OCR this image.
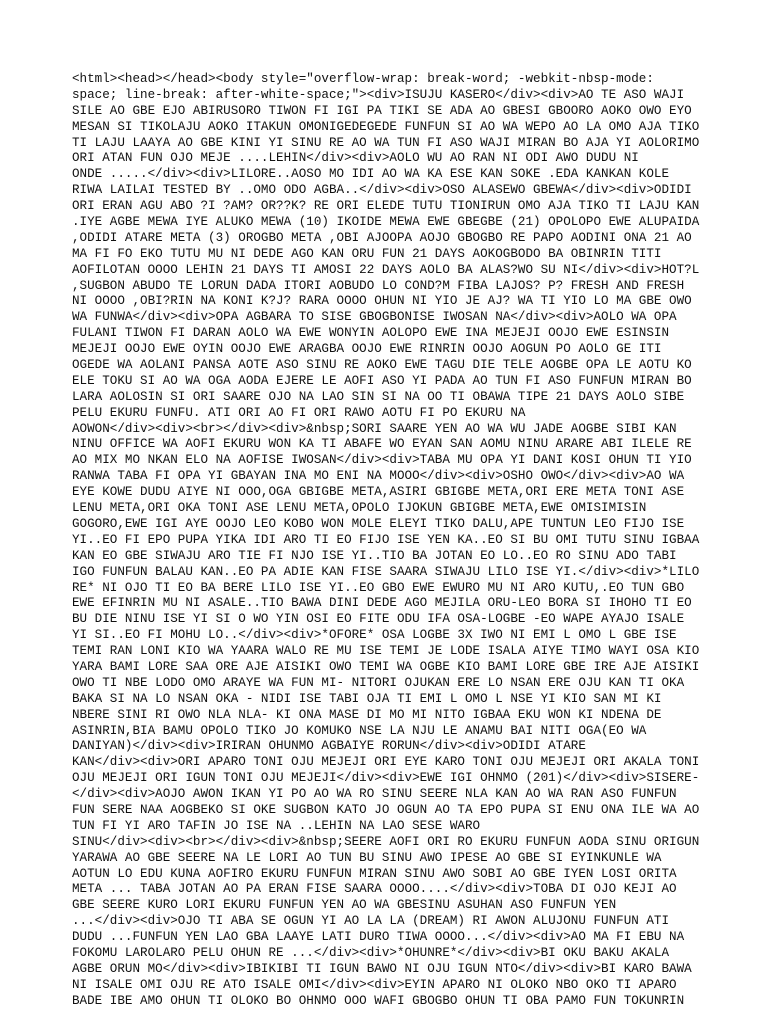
<html><head></head><body style="overflow-wrap: break-word; -webkit-nbsp-mode:
space; line-break: after-white-space;"><div>ISUJU KASERO</div><div>AO TE ASO WAJI
SILE AO GBE EJO ABIRUSORO TIWON FI IGI PA TIKI SE ADA AO GBESI GBOORO AOKO OWO EYO
MESAN SI TIKOLAJU AOKO ITAKUN OMONIGEDEGEDE FUNFUN SI AO WA WEPO AO LA OMO AJA TIKO
TI LAJU LAAYA AO GBE KINI YI SINU RE AO WA TUN FI ASO WAJI MIRAN BO AJA YI AOLORIMO
ORI ATAN FUN OJO MEJE ....LEHIN</div><div>AOLO WU AO RAN NI ODI AWO DUDU NI
ONDE .....</div><div>LILORE..AOSO MO IDI AO WA KA ESE KAN SOKE .EDA KANKAN KOLE
RIWA LAILAI TESTED BY ..OMO ODO AGBA..</div><div>OSO ALASEWO GBEWA</div><div>ODIDI
ORI ERAN AGU ABO ?I ?AM? OR??K? RE ORI ELEDE TUTU TIONIRUN OMO AJA TIKO TI LAJU KAN
.IYE AGBE MEWA IYE ALUKO MEWA (10) IKOIDE MEWA EWE GBEGBE (21) OPOLOPO EWE ALUPAIDA
,ODIDI ATARE META (3) OROGBO META ,OBI AJOOPA AOJO GBOGBO RE PAPO AODINI ONA 21 AO
MA FI FO EKO TUTU MU NI DEDE AGO KAN ORU FUN 21 DAYS AOKOGBODO BA OBINRIN TITI
AOFILOTAN OOOO LEHIN 21 DAYS TI AMOSI 22 DAYS AOLO BA ALAS?WO SU NI</div><div>HOT?L
,SUGBON ABUDO TE LORUN DADA ITORI AOBUDO LO COND?M FIBA LAJOS? P? FRESH AND FRESH
NI OOOO ,OBI?RIN NA KONI K?J? RARA OOOO OHUN NI YIO JE AJ? WA TI YIO LO MA GBE OWO
WA FUNWA</div><div>OPA AGBARA TO SISE GBOGBONISE IWOSAN NA</div><div>AOLO WA OPA
FULANI TIWON FI DARAN AOLO WA EWE WONYIN AOLOPO EWE INA MEJEJI OOJO EWE ESINSIN
MEJEJI OOJO EWE OYIN OOJO EWE ARAGBA OOJO EWE RINRIN OOJO AOGUN PO AOLO GE ITI
OGEDE WA AOLANI PANSA AOTE ASO SINU RE AOKO EWE TAGU DIE TELE AOGBE OPA LE AOTU KO
ELE TOKU SI AO WA OGA AODA EJERE LE AOFI ASO YI PADA AO TUN FI ASO FUNFUN MIRAN BO
LARA AOLOSIN SI ORI SAARE OJO NA LAO SIN SI NA OO TI OBAWA TIPE 21 DAYS AOLO SIBE
PELU EKURU FUNFU. ATI ORI AO FI ORI RAWO AOTU FI PO EKURU NA
AOWON</div><div><br></div><div>&nbsp;SORI SAARE YEN AO WA WU JADE AOGBE SIBI KAN
NINU OFFICE WA AOFI EKURU WON KA TI ABAFE WO EYAN SAN AOMU NINU ARARE ABI ILELE RE
AO MIX MO NKAN ELO NA AOFISE IWOSAN</div><div>TABA MU OPA YI DANI KOSI OHUN TI YIO
RANWA TABA FI OPA YI GBAYAN INA MO ENI NA MOOO</div><div>OSHO OWO</div><div>AO WA
EYE KOWE DUDU AIYE NI OOO,OGA GBIGBE META,ASIRI GBIGBE META,ORI ERE META TONI ASE
LENU META,ORI OKA TONI ASE LENU META,OPOLO IJOKUN GBIGBE META,EWE OMISIMISIN
GOGORO,EWE IGI AYE OOJO LEO KOBO WON MOLE ELEYI TIKO DALU,APE TUNTUN LEO FIJO ISE
YI..EO FI EPO PUPA YIKA IDI ARO TI EO FIJO ISE YEN KA..EO SI BU OMI TUTU SINU IGBAA
KAN EO GBE SIWAJU ARO TIE FI NJO ISE YI..TIO BA JOTAN EO LO..EO RO SINU ADO TABI
IGO FUNFUN BALAU KAN..EO PA ADIE KAN FISE SAARA SIWAJU LILO ISE YI.</div><div>*LILO
RE* NI OJO TI EO BA BERE LILO ISE YI..EO GBO EWE EWURO MU NI ARO KUTU,.EO TUN GBO
EWE EFINRIN MU NI ASALE..TIO BAWA DINI DEDE AGO MEJILA ORU-LEO BORA SI IHOHO TI EO
BU DIE NINU ISE YI SI O WO YIN OSI EO FITE ODU IFA OSA-LOGBE -EO WAPE AYAJO ISALE
YI SI..EO FI MOHU LO..</div><div>*OFORE* OSA LOGBE 3X IWO NI EMI L OMO L GBE ISE
TEMI RAN LONI KIO WA YAARA WALO RE MU ISE TEMI JE LODE ISALA AIYE TIMO WAYI OSA KIO
YARA BAMI LORE SAA ORE AJE AISIKI OWO TEMI WA OGBE KIO BAMI LORE GBE IRE AJE AISIKI
OWO TI NBE LODO OMO ARAYE WA FUN MI- NITORI OJUKAN ERE LO NSAN ERE OJU KAN TI OKA
BAKA SI NA LO NSAN OKA - NIDI ISE TABI OJA TI EMI L OMO L NSE YI KIO SAN MI KI
NBERE SINI RI OWO NLA NLA- KI ONA MASE DI MO MI NITO IGBAA EKU WON KI NDENA DE
ASINRIN,BIA BAMU OPOLO TIKO JO KOMUKO NSE LA NJU LE ANAMU BAI NITI OGA(EO WA
DANIYAN)</div><div>IRIRAN OHUNMO AGBAIYE RORUN</div><div>ODIDI ATARE
KAN</div><div>ORI APARO TONI OJU MEJEJI ORI EYE KARO TONI OJU MEJEJI ORI AKALA TONI
OJU MEJEJI ORI IGUN TONI OJU MEJEJI</div><div>EWE IGI OHNMO (201)</div><div>SISERE-
</div><div>AOJO AWON IKAN YI PO AO WA RO SINU SEERE NLA KAN AO WA RAN ASO FUNFUN
FUN SERE NAA AOGBEKO SI OKE SUGBON KATO JO OGUN AO TA EPO PUPA SI ENU ONA ILE WA AO
TUN FI YI ARO TAFIN JO ISE NA ..LEHIN NA LAO SESE WARO
SINU</div><div><br></div><div>&nbsp;SEERE AOFI ORI RO EKURU FUNFUN AODA SINU ORIGUN
YARAWA AO GBE SEERE NA LE LORI AO TUN BU SINU AWO IPESE AO GBE SI EYINKUNLE WA
AOTUN LO EDU KUNA AOFIRO EKURU FUNFUN MIRAN SINU AWO SOBI AO GBE IYEN LOSI ORITA
META ... TABA JOTAN AO PA ERAN FISE SAARA OOOO....</div><div>TOBA DI OJO KEJI AO
GBE SEERE KURO LORI EKURU FUNFUN YEN AO WA GBESINU ASUHAN ASO FUNFUN YEN
...</div><div>OJO TI ABA SE OGUN YI AO LA LA (DREAM) RI AWON ALUJONU FUNFUN ATI
DUDU ...FUNFUN YEN LAO GBA LAAYE LATI DURO TIWA OOOO...</div><div>AO MA FI EBU NA
FOKOMU LAROLARO PELU OHUN RE ...</div><div>*OHUNRE*</div><div>BI OKU BAKU AKALA
AGBE ORUN MO</div><div>IBIKIBI TI IGUN BAWO NI OJU IGUN NTO</div><div>BI KARO BAWA
NI ISALE OMI OJU RE ATO ISALE OMI</div><div>EYIN APARO NI OLOKO NBO OKO TI APARO
BADE IBE AMO OHUN TI OLOKO BO OHNMO OOO WAFI GBOGBO OHUN TI OBA PAMO FUN TOKUNRIN
